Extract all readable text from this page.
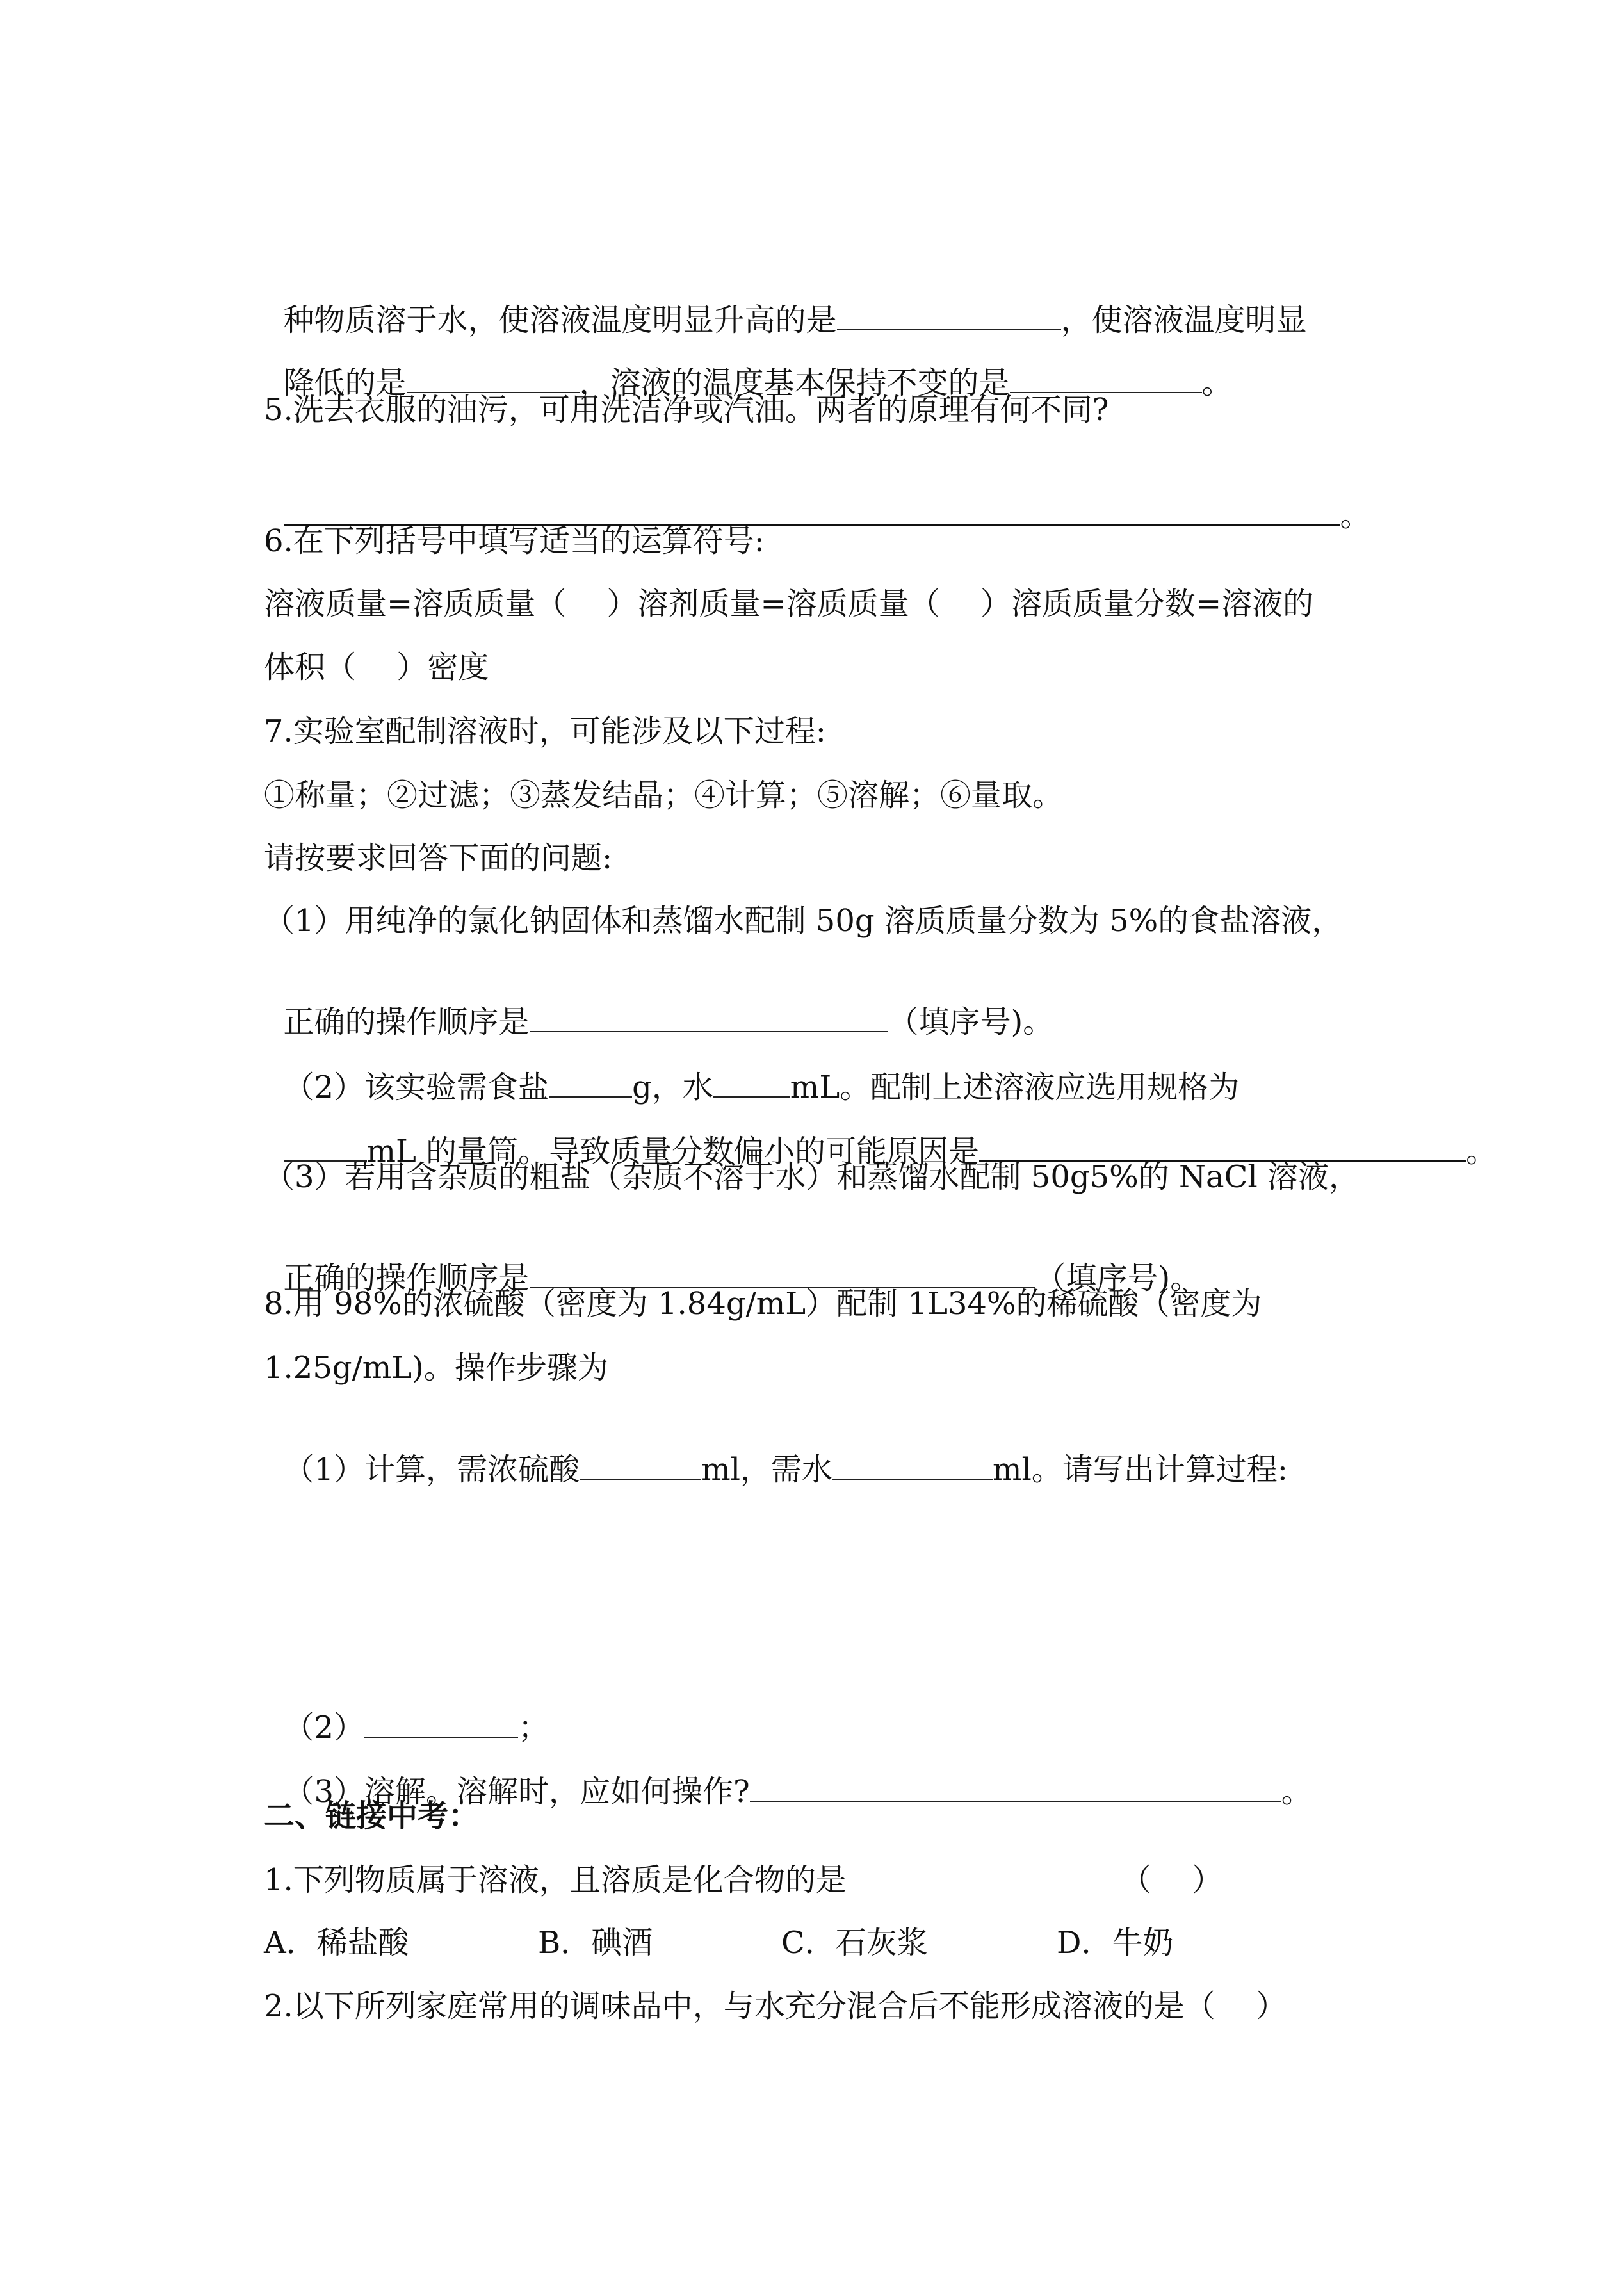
种物质溶于水，使溶液温度明显升高的是	，使溶液温度明显

降低的是	，溶液的温度基本保持不变的是	。

5.洗去衣服的油污，可用洗洁净或汽油。两者的原理有何不同?

。

6.在下列括号中填写适当的运算符号:
溶液质量=溶质质量（　 ）溶剂质量=溶质质量（　 ）溶质质量分数=溶液的
体积（　 ）密度
7.实验室配制溶液时，可能涉及以下过程:
①称量；②过滤；③蒸发结晶；④计算；⑤溶解；⑥量取。
请按要求回答下面的问题:
（1）用纯净的氯化钠固体和蒸馏水配制 50g 溶质质量分数为 5%的食盐溶液，

正确的操作顺序是	（填序号)。

（2）该实验需食盐	g，水	mL。配制上述溶液应选用规格为

mL 的量筒。导致质量分数偏小的可能原因是	。

（3）若用含杂质的粗盐（杂质不溶于水）和蒸馏水配制 50g5%的 NaCl 溶液，

正确的操作顺序是	（填序号)。

8.用 98%的浓硫酸（密度为 1.84g/mL）配制 1L34%的稀硫酸（密度为
1.25g/mL)。操作步骤为

（1）计算，需浓硫酸	ml，需水	ml。请写出计算过程:

（2）	；

（3）溶解。溶解时，应如何操作?	。

二、链接中考：
1.下列物质属于溶液，且溶质是化合物的是	（　 ）
A．稀盐酸	B．碘酒	C．石灰浆	D．牛奶
2.以下所列家庭常用的调味品中，与水充分混合后不能形成溶液的是（　 ）
